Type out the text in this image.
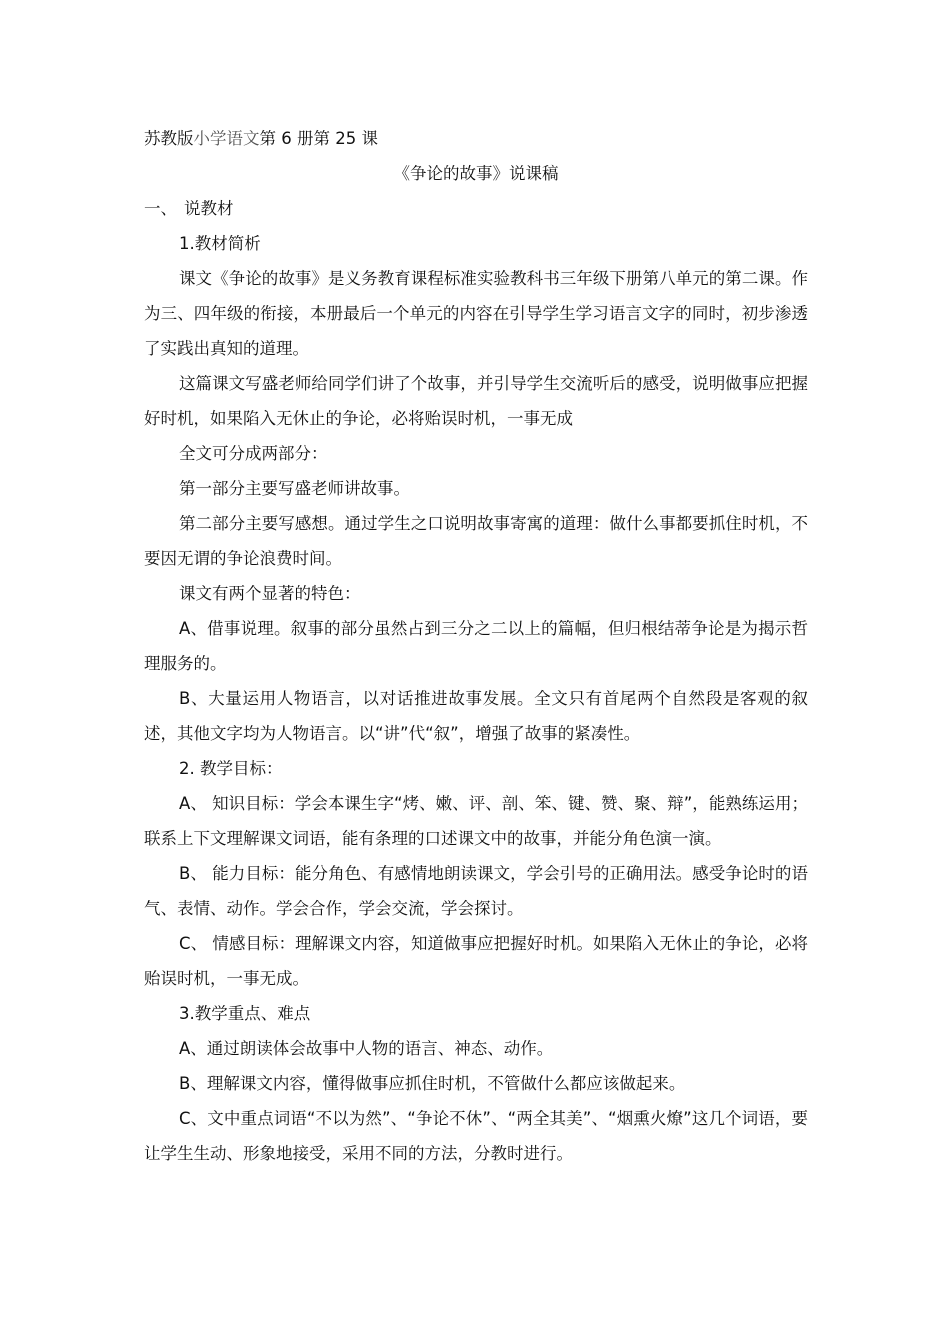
苏教版小学语文第 6 册第 25 课
《争论的故事》说课稿
一、 说教材
1.教材简析
课文《争论的故事》是义务教育课程标准实验教科书三年级下册第八单元的第二课。作为三、四年级的衔接，本册最后一个单元的内容在引导学生学习语言文字的同时，初步渗透了实践出真知的道理。
这篇课文写盛老师给同学们讲了个故事，并引导学生交流听后的感受，说明做事应把握好时机，如果陷入无休止的争论，必将贻误时机，一事无成
全文可分成两部分：
第一部分主要写盛老师讲故事。
第二部分主要写感想。通过学生之口说明故事寄寓的道理：做什么事都要抓住时机，不要因无谓的争论浪费时间。
课文有两个显著的特色：
A、借事说理。叙事的部分虽然占到三分之二以上的篇幅，但归根结蒂争论是为揭示哲理服务的。
B、大量运用人物语言，以对话推进故事发展。全文只有首尾两个自然段是客观的叙述，其他文字均为人物语言。以“讲”代“叙”，增强了故事的紧凑性。
2. 教学目标：
A、 知识目标：学会本课生字“烤、嫩、评、剖、笨、键、赞、聚、辩”，能熟练运用；联系上下文理解课文词语，能有条理的口述课文中的故事，并能分角色演一演。
B、 能力目标：能分角色、有感情地朗读课文，学会引号的正确用法。感受争论时的语气、表情、动作。学会合作，学会交流，学会探讨。
C、 情感目标：理解课文内容，知道做事应把握好时机。如果陷入无休止的争论，必将贻误时机，一事无成。
3.教学重点、难点
A、通过朗读体会故事中人物的语言、神态、动作。
B、理解课文内容，懂得做事应抓住时机，不管做什么都应该做起来。
C、文中重点词语“不以为然”、“争论不休”、“两全其美”、“烟熏火燎”这几个词语，要让学生生动、形象地接受，采用不同的方法，分教时进行。
